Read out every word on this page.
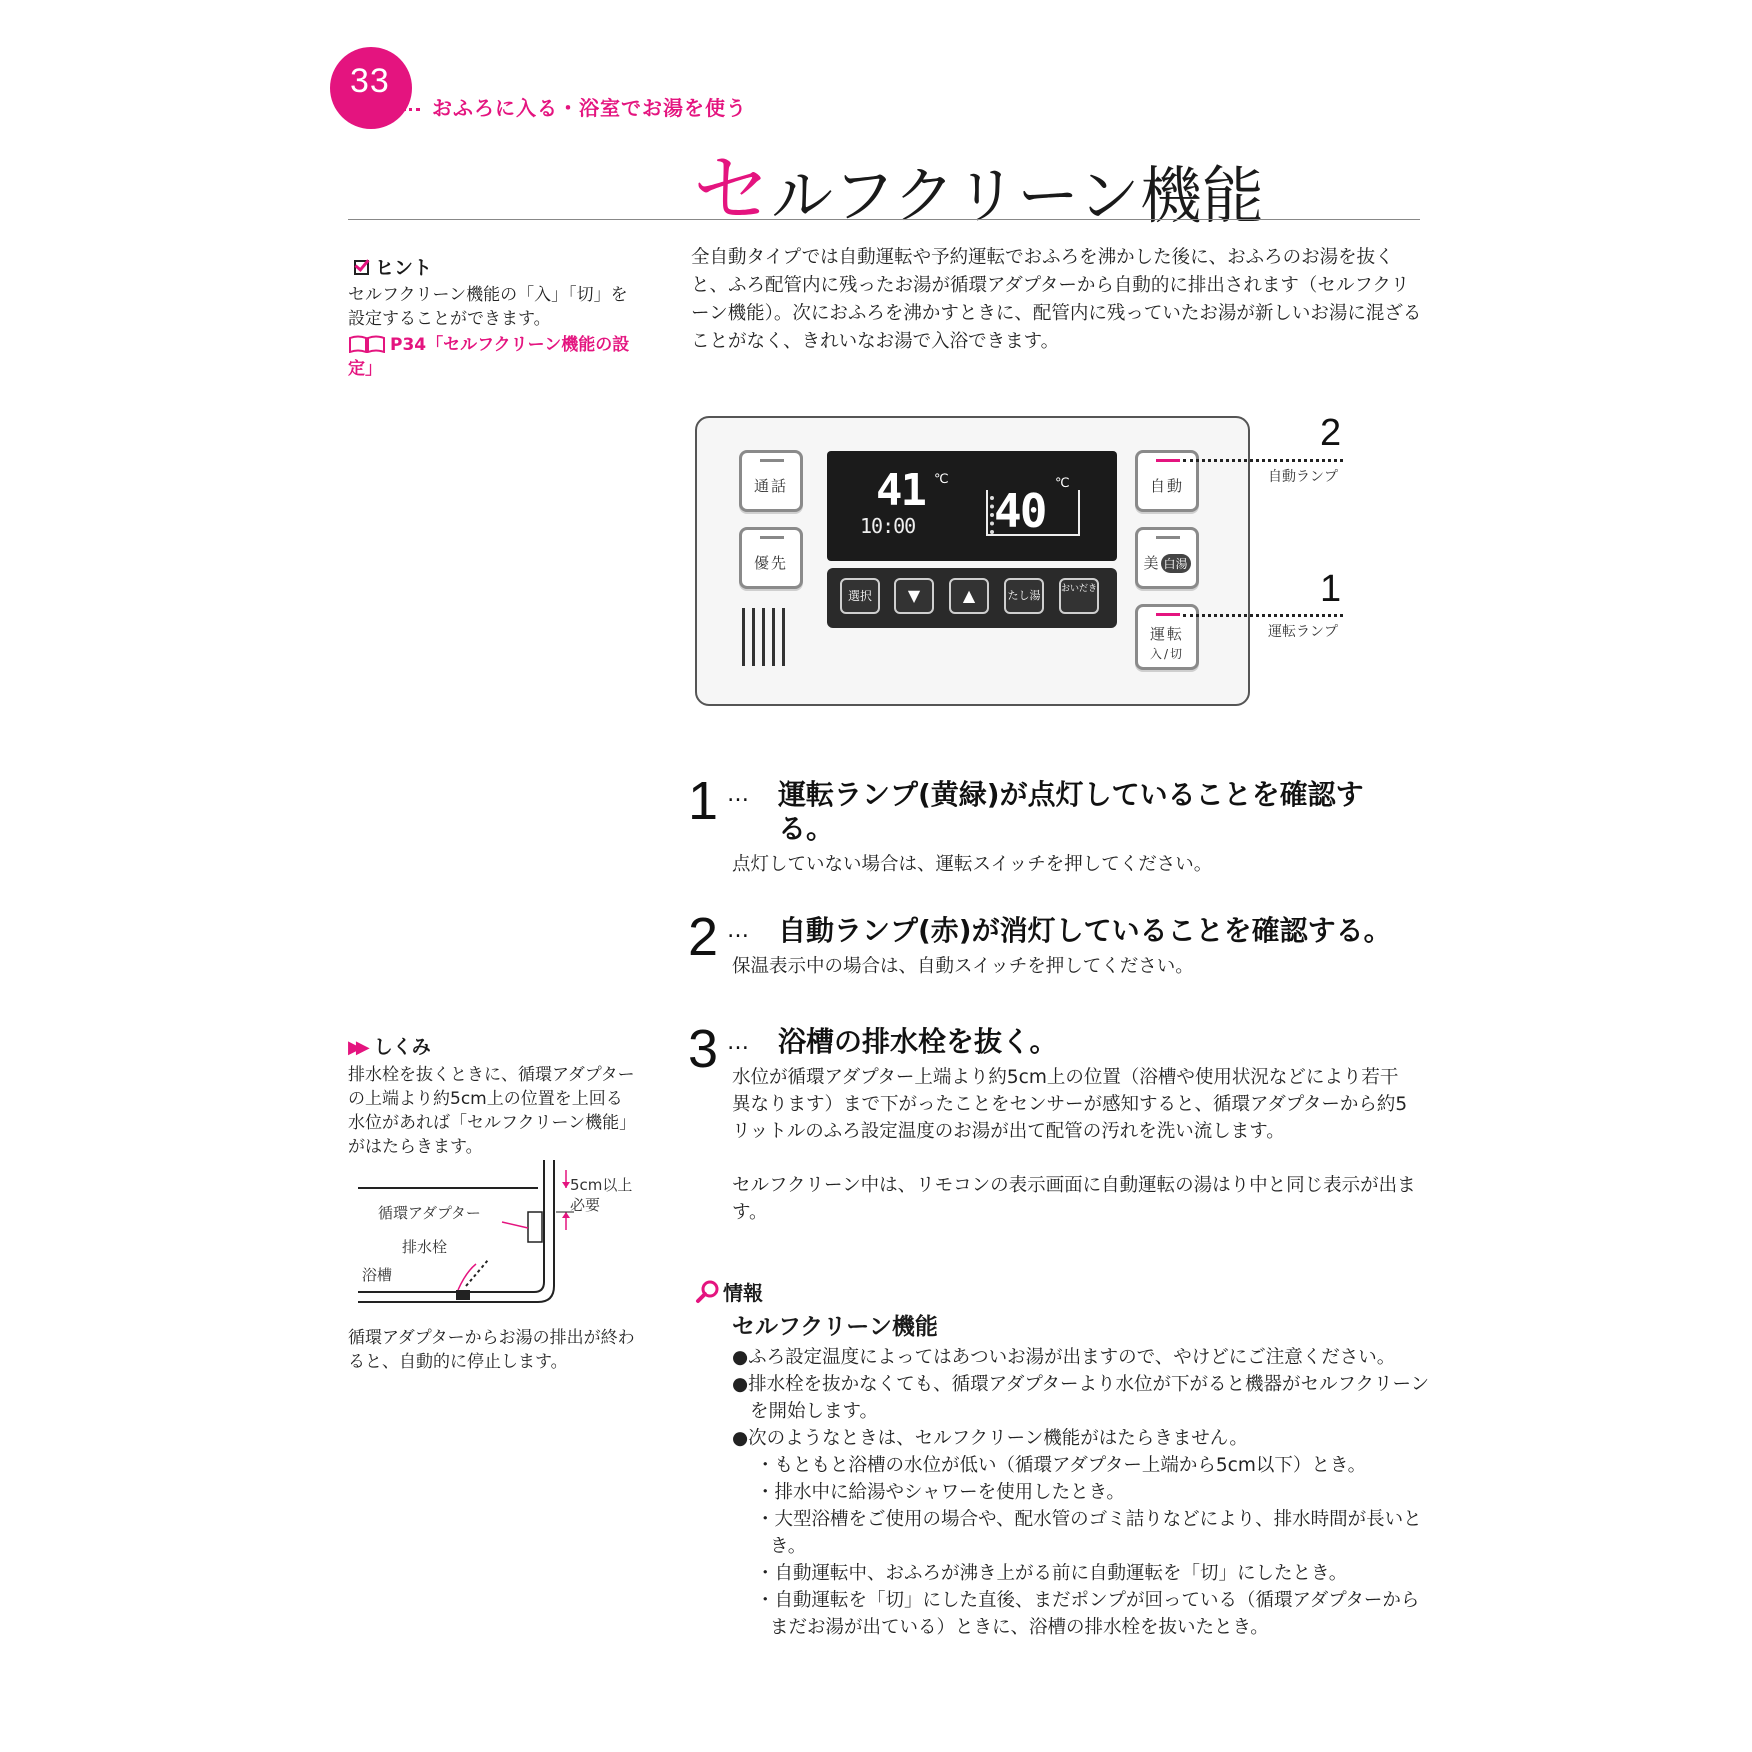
33
おふろに入る・浴室でお湯を使う
セルフクリーン機能
ヒント
セルフクリーン機能の「入」「切」を設定することができます。
P34「セルフクリーン機能の設定」
全自動タイプでは自動運転や予約運転でおふろを沸かした後に、おふろのお湯を抜くと、ふろ配管内に残ったお湯が循環アダプターから自動的に排出されます（セルフクリーン機能）。次におふろを沸かすときに、配管内に残っていたお湯が新しいお湯に混ざることがなく、きれいなお湯で入浴できます。
通話
優先
41 ℃
10:00 40
℃
選択	▼	▲	たし湯	おいだき
自動
美 白湯
運転
入/切
2
自動ランプ
1
運転ランプ
1 … 運転ランプ(黄緑)が点灯していることを確認する。
点灯していない場合は、運転スイッチを押してください。
2 … 自動ランプ(赤)が消灯していることを確認する。
保温表示中の場合は、自動スイッチを押してください。
3 … 浴槽の排水栓を抜く。
水位が循環アダプター上端より約5cm上の位置（浴槽や使用状況などにより若干異なります）まで下がったことをセンサーが感知すると、循環アダプターから約5リットルのふろ設定温度のお湯が出て配管の汚れを洗い流します。
セルフクリーン中は、リモコンの表示画面に自動運転の湯はり中と同じ表示が出ます。
▶▶ しくみ
排水栓を抜くときに、循環アダプターの上端より約5cm上の位置を上回る水位があれば「セルフクリーン機能」がはたらきます。
5cm以上
必要
循環アダプター
排水栓
浴槽
循環アダプターからお湯の排出が終わると、自動的に停止します。
情報
セルフクリーン機能
●ふろ設定温度によってはあついお湯が出ますので、やけどにご注意ください。
●排水栓を抜かなくても、循環アダプターより水位が下がると機器がセルフクリーンを開始します。
●次のようなときは、セルフクリーン機能がはたらきません。
・もともと浴槽の水位が低い（循環アダプター上端から5cm以下）とき。
・排水中に給湯やシャワーを使用したとき。
・大型浴槽をご使用の場合や、配水管のゴミ詰りなどにより、排水時間が長いとき。
・自動運転中、おふろが沸き上がる前に自動運転を「切」にしたとき。
・自動運転を「切」にした直後、まだポンプが回っている（循環アダプターからまだお湯が出ている）ときに、浴槽の排水栓を抜いたとき。
